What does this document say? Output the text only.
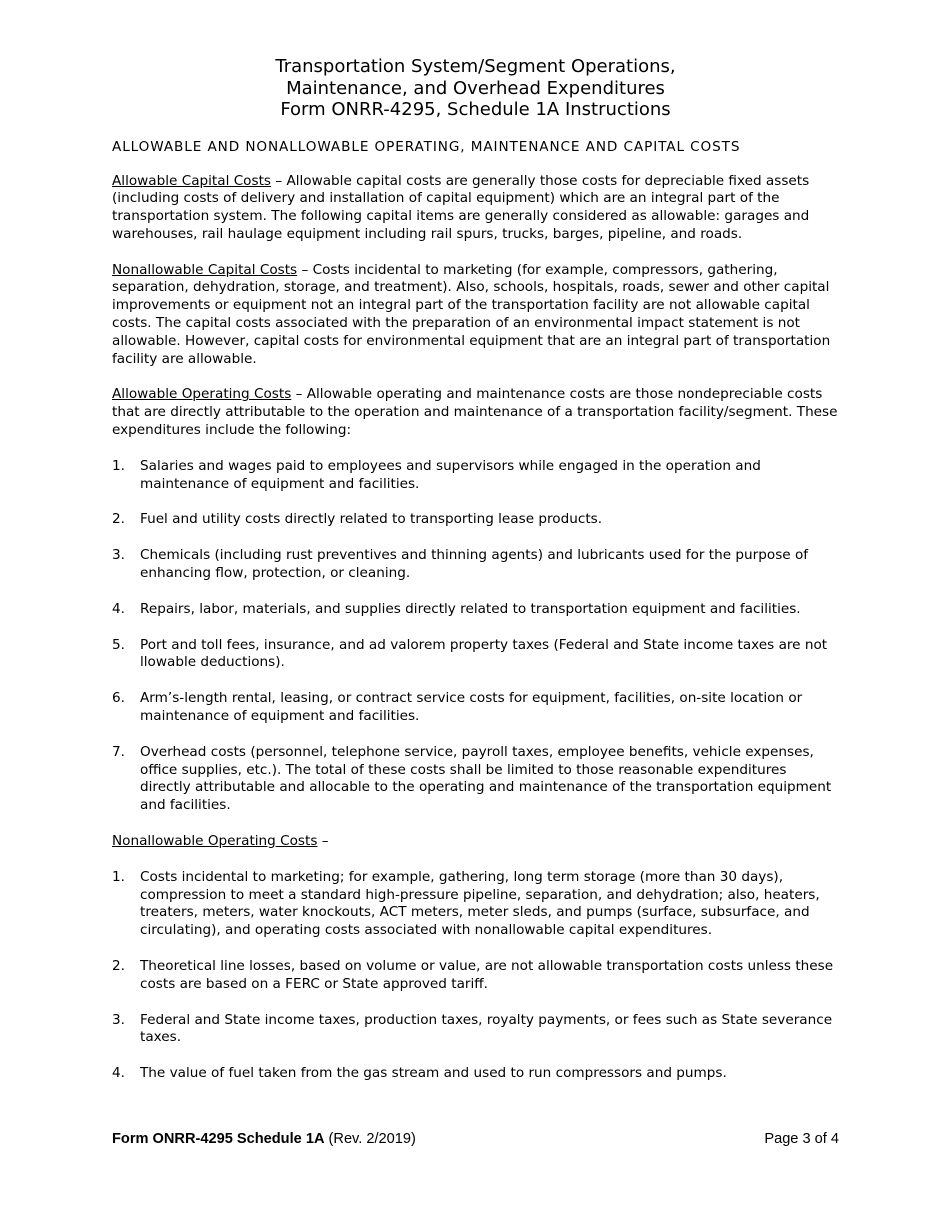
Transportation System/Segment Operations,
Maintenance, and Overhead Expenditures
Form ONRR-4295, Schedule 1A Instructions
ALLOWABLE AND NONALLOWABLE OPERATING, MAINTENANCE AND CAPITAL COSTS

Allowable Capital Costs – Allowable capital costs are generally those costs for depreciable fixed assets (including costs of delivery and installation of capital equipment) which are an integral part of the transportation system. The following capital items are generally considered as allowable: garages and warehouses, rail haulage equipment including rail spurs, trucks, barges, pipeline, and roads.

Nonallowable Capital Costs – Costs incidental to marketing (for example, compressors, gathering, separation, dehydration, storage, and treatment). Also, schools, hospitals, roads, sewer and other capital improvements or equipment not an integral part of the transportation facility are not allowable capital costs. The capital costs associated with the preparation of an environmental impact statement is not allowable. However, capital costs for environmental equipment that are an integral part of transportation facility are allowable.

Allowable Operating Costs – Allowable operating and maintenance costs are those nondepreciable costs that are directly attributable to the operation and maintenance of a transportation facility/segment. These expenditures include the following:

1.	Salaries and wages paid to employees and supervisors while engaged in the operation and maintenance of equipment and facilities.
2.	Fuel and utility costs directly related to transporting lease products.
3.	Chemicals (including rust preventives and thinning agents) and lubricants used for the purpose of enhancing flow, protection, or cleaning.
4.	Repairs, labor, materials, and supplies directly related to transportation equipment and facilities.
5.	Port and toll fees, insurance, and ad valorem property taxes (Federal and State income taxes are not llowable deductions).
6.	Arm’s-length rental, leasing, or contract service costs for equipment, facilities, on-site location or maintenance of equipment and facilities.
7.	Overhead costs (personnel, telephone service, payroll taxes, employee benefits, vehicle expenses, office supplies, etc.). The total of these costs shall be limited to those reasonable expenditures directly attributable and allocable to the operating and maintenance of the transportation equipment and facilities.

Nonallowable Operating Costs –

1.	Costs incidental to marketing; for example, gathering, long term storage (more than 30 days), compression to meet a standard high-pressure pipeline, separation, and dehydration; also, heaters, treaters, meters, water knockouts, ACT meters, meter sleds, and pumps (surface, subsurface, and circulating), and operating costs associated with nonallowable capital expenditures.
2.	Theoretical line losses, based on volume or value, are not allowable transportation costs unless these costs are based on a FERC or State approved tariff.
3.	Federal and State income taxes, production taxes, royalty payments, or fees such as State severance taxes.
4.	The value of fuel taken from the gas stream and used to run compressors and pumps.
Form ONRR-4295 Schedule 1A (Rev. 2/2019)	Page 3 of 4
